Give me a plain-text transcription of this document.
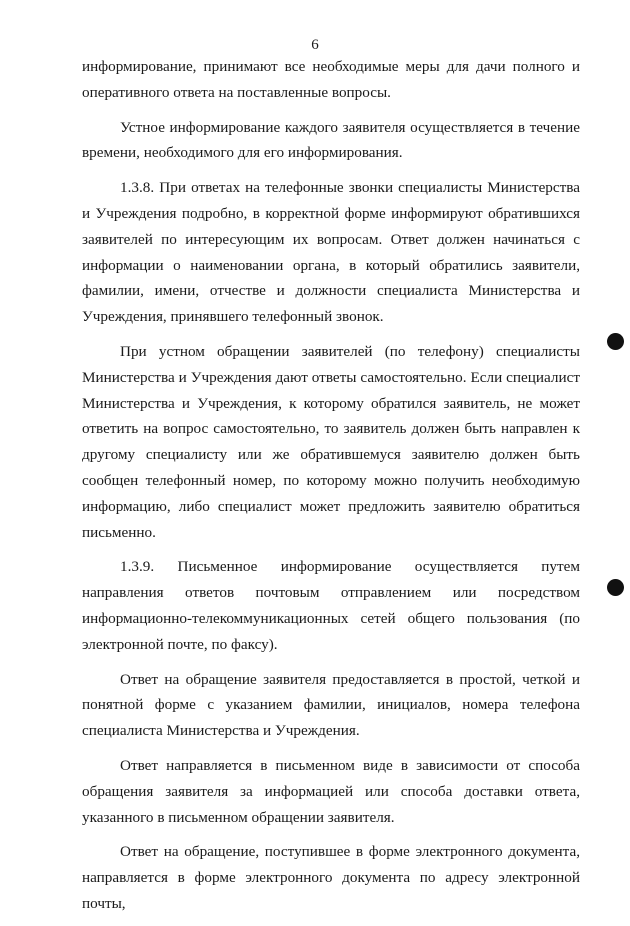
6

информирование, принимают все необходимые меры для дачи полного и оперативного ответа на поставленные вопросы.

Устное информирование каждого заявителя осуществляется в течение времени, необходимого для его информирования.

1.3.8. При ответах на телефонные звонки специалисты Министерства и Учреждения подробно, в корректной форме информируют обратившихся заявителей по интересующим их вопросам. Ответ должен начинаться с информации о наименовании органа, в который обратились заявители, фамилии, имени, отчестве и должности специалиста Министерства и Учреждения, принявшего телефонный звонок.

При устном обращении заявителей (по телефону) специалисты Министерства и Учреждения дают ответы самостоятельно. Если специалист Министерства и Учреждения, к которому обратился заявитель, не может ответить на вопрос самостоятельно, то заявитель должен быть направлен к другому специалисту или же обратившемуся заявителю должен быть сообщен телефонный номер, по которому можно получить необходимую информацию, либо специалист может предложить заявителю обратиться письменно.

1.3.9. Письменное информирование осуществляется путем направления ответов почтовым отправлением или посредством информационно-телекоммуникационных сетей общего пользования (по электронной почте, по факсу).

Ответ на обращение заявителя предоставляется в простой, четкой и понятной форме с указанием фамилии, инициалов, номера телефона специалиста Министерства и Учреждения.

Ответ направляется в письменном виде в зависимости от способа обращения заявителя за информацией или способа доставки ответа, указанного в письменном обращении заявителя.

Ответ на обращение, поступившее в форме электронного документа, направляется в форме электронного документа по адресу электронной почты,
